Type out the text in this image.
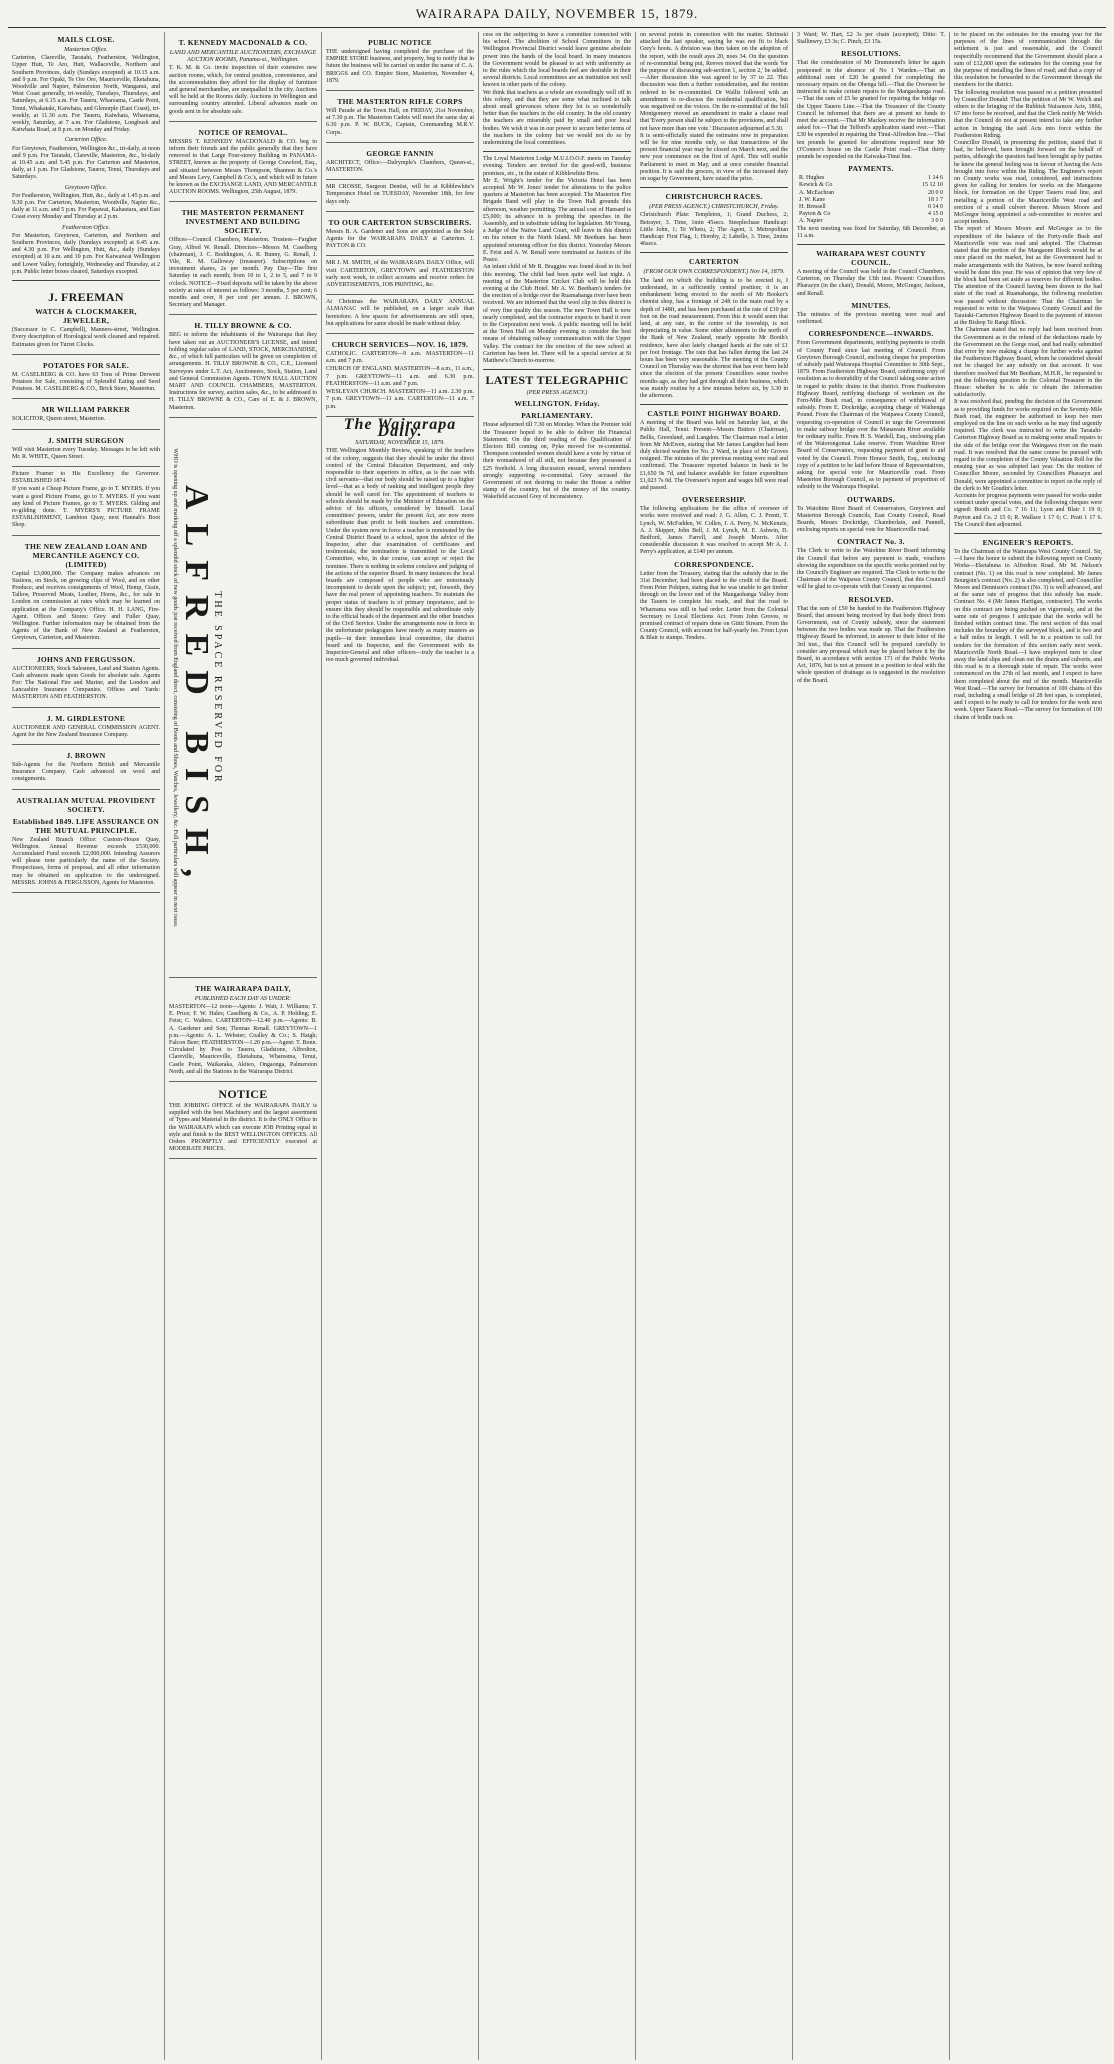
WAIRARAPA DAILY, NOVEMBER 15, 1879.
MAILS CLOSE.
Masterton Office.

Carterton, Clareville, Taratahi, Featherston, Wellington, Upper Hutt, Te Aro, Hutt, Wallaceville, Northern and Southern Provinces, daily (Sundays excepted) at 10.15 a.m. and 9 p.m. For Opaki, Te Ore Ore, Mauriceville, Eketahuna, Woodville and Napier, Palmerston North, Wanganui, and West Coast generally, tri-weekly, Tuesdays, Thursdays, and Saturdays, at 6.15 a.m. For Taueru, Whareama, Castle Point, Tenui, Whakataki, Kaiwhata, and Glenorple (East Coast), tri-weekly, at 11.30 a.m. For Taueru, Kaiwhata, Whareama, weekly, Saturday, at 7 a.m. For Gladstone, Longbush and Kaiwhata Road, at 8 p.m. on Monday and Friday.

Carterton Office.

For Greytown, Featherston, Wellington &c., tri-daily, at noon and 9 p.m. For Taratahi, Clareville, Masterton, &c., bi-daily at 10.45 a.m. and 5.45 p.m. For Carterton and Masterton, daily, at 1 p.m. For Gladstone, Taueru, Tenui, Thursdays and Saturdays.

Greytown Office.

For Featherston, Wellington, Hutt, &c., daily at 1.45 p.m. and 9.30 p.m. For Carterton, Masterton, Woodville, Napier &c., daily at 11 a.m. and 5 p.m. For Papawai, Kahautara, and East Coast every Monday and Thursday at 2 p.m.

Featherston Office.

For Masterton, Greytown, Carterton, and Northern and Southern Provinces, daily (Sundays excepted) at 6.45 a.m. and 4.30 p.m. For Wellington, Hutt, &c., daily (Sundays excepted) at 10 a.m. and 10 p.m. For Kaiwaiwai Wellington and Lower Valley, fortnightly, Wednesday and Thursday, at 2 p.m. Public letter boxes cleared, Saturdays excepted.

J. FREEMAN
WATCH & CLOCKMAKER, JEWELLER,

(Successor to C. Campbell), Manners-street, Wellington. Every description of Horological work cleaned and repaired. Estimates given for Turret Clocks.

POTATOES FOR SALE.

M. CASELBERG & CO. have 63 Tons of Prime Derwent Potatoes for Sale, consisting of Splendid Eating and Seed Potatoes. M. CASELBERG & CO., Brick Store, Masterton.

MR WILLIAM PARKER

SOLICITOR, Queen street, Masterton.

J. SMITH SURGEON

Will visit Masterton every Tuesday. Messages to be left with Mr. R. WHITE, Queen Street.

Picture Framer to His Excellency the Governor. ESTABLISHED 1874.

If you want a Cheap Picture Frame, go to T. MYERS. If you want a good Picture Frame, go to T. MYERS. If you want any kind of Picture Frames, go to T. MYERS. Gilding and re-gilding done. T. MYERS'S PICTURE FRAME ESTABLISHMENT, Lambton Quay, next Hannah's Boot Shop.

THE NEW ZEALAND LOAN AND MERCANTILE AGENCY CO. (LIMITED)

Capital £3,000,000. The Company makes advances on Stations, on Stock, on growing clips of Wool, and on other Produce; and receives consignments of Wool, Hemp, Grain, Tallow, Preserved Meats, Leather, Horns, &c., for sale in London on commission at rates which may be learned on application at the Company's Office. H. H. LANG, Fire-Agent. Offices and Stores: Grey and Fuller Quay, Wellington. Further information may be obtained from the Agents of the Bank of New Zealand at Featherston, Greytown, Carterton, and Masterton.

JOHNS AND FERGUSSON.

AUCTIONEERS, Stock Salesmen, Land and Station Agents. Cash advances made upon Goods for absolute sale. Agents For: The National Fire and Marine, and the London and Lancashire Insurance Companies. Offices and Yards: MASTERTON AND FEATHERSTON.

J. M. GIRDLESTONE

AUCTIONEER AND GENERAL COMMISSION AGENT. Agent for the New Zealand Insurance Company.

J. BROWN

Sub-Agents for the Northern British and Mercantile Insurance Company. Cash advanced on wool and consignments.

AUSTRALIAN MUTUAL PROVIDENT SOCIETY.
Established 1849. LIFE ASSURANCE ON THE MUTUAL PRINCIPLE.

New Zealand Branch Office: Custom-House Quay, Wellington. Annual Revenue exceeds £530,000. Accumulated Fund exceeds £2,000,000. Intending Assurers will please note particularly the name of the Society. Prospectuses, forms of proposal, and all other information may be obtained on application to the undersigned. MESSRS. JOHNS & FERGUSSON, Agents for Masterton.

T. KENNEDY MACDONALD & CO.
LAND AND MERCANTILE AUCTIONEERS, EXCHANGE AUCTION ROOMS, Panama-st., Wellington.

T. K. M. & Co. invite inspection of their extensive new auction rooms, which, for central position, convenience, and the accommodation they afford for the display of furniture and general merchandise, are unequalled in the city. Auctions will be held at the Rooms daily. Auctions in Wellington and surrounding country attended. Liberal advances made on goods sent in for absolute sale.

NOTICE OF REMOVAL.

MESSRS T. KENNEDY MACDONALD & CO. beg to inform their friends and the public generally that they have removed to that Large Four-storey Building in PANAMA-STREET, known as the property of George Crawford, Esq., and situated between Messrs Thompson, Shannon & Co.'s and Messrs Levy, Campbell & Co.'s, and which will in future be known as the EXCHANGE LAND, AND MERCANTILE AUCTION ROOMS. Wellington, 25th August, 1879.

THE MASTERTON PERMANENT INVESTMENT AND BUILDING SOCIETY.

Offices—Council Chambers, Masterton. Trustees—Fargher Gray, Alfred W. Renall. Directors—Messrs M. Caselberg (chairman), J. C. Boddington, A. R. Bunny, G. Renall, J. Vile, R. M. Galloway (treasurer). Subscriptions on investment shares, 2s per month. Pay Day—The first Saturday in each month; from 10 to 1, 2 to 5, and 7 to 9 o'clock. NOTICE—Fixed deposits will be taken by the above society at rates of interest as follows: 3 months, 5 per cent; 6 months and over, 8 per cent per annum. J. BROWN, Secretary and Manager.

H. TILLY BROWNE & CO.

BEG to inform the inhabitants of the Wairarapa that they have taken out an AUCTIONEER'S LICENSE, and intend holding regular sales of LAND, STOCK, MERCHANDISE, &c., of which full particulars will be given on completion of arrangements. H. TILLY BROWNE & CO., C.E., Licensed Surveyors under L.T. Act, Auctioneers, Stock, Station, Land and General Commission Agents. TOWN HALL AUCTION MART AND COUNCIL CHAMBERS, MASTERTON. Instructions for survey, auction sales, &c., to be addressed to H. TILLY BROWNE & CO., Care of E. & J. BROWN, Masterton.

THE SPACE RESERVED FOR
ALFRED BISH,

WHO is opening up and marking off a splendid stock of new goods just received from England direct, consisting of Boots and Shoes, Watches, Jewellery, &c. Full particulars will appear in next issue.

THE WAIRARAPA DAILY,
PUBLISHED EACH DAY AS UNDER:

MASTERTON—12 noon—Agents: J. Watt, J. Williams; T. E. Price; F. W. Hales; Caselberg & Co., A. P. Holding; E. Feist; C. Walters. CARTERTON—12.40 p.m.—Agents: B. A. Gardener and Son; Thomas Renall. GREYTOWN—1 p.m.—Agents: A. L. Webster; Coalley & Co.; S. Haigh; Falcon Beer; FEATHERSTON—1.20 p.m.—Agent: T. Bonn. Circulated by Post to Taueru, Gladstone, Alfredton, Clareville, Mauriceville, Eketahuna, Whareama, Tenui, Castle Point, Waikaraka, Akiteo, Ongaonga, Palmerston North, and all the Stations in the Wairarapa District.

NOTICE

THE JOBBING OFFICE of the WAIRARAPA DAILY is supplied with the best Machinery and the largest assortment of Types and Material in the district. It is the ONLY Office in the WAIRARAPA which can execute JOB Printing equal in style and finish to the BEST WELLINGTON OFFICES. All Orders PROMPTLY and EFFICIENTLY executed at MODERATE PRICES.

PUBLIC NOTICE

THE undersigned having completed the purchase of the EMPIRE STORE business, and property, beg to notify that in future the business will be carried on under the name of C. A. BRIGGS and CO. Empire Store, Masterton, November 4, 1879.

THE MASTERTON RIFLE CORPS

Will Parade at the Town Hall, on FRIDAY, 21st November, at 7.30 p.m. The Masterton Cadets will meet the same day at 6.30 p.m. P. W. BUCK, Captain, Commanding M.R.V. Corps.

GEORGE FANNIN

ARCHITECT, Office:—Dalrymple's Chambers, Queen-st., MASTERTON.

MR CROSSE, Surgeon Dentist, will be at Kibblewhite's Temperance Hotel on TUESDAY, November 18th, for few days only.

TO OUR CARTERTON SUBSCRIBERS.

Messrs B. A. Gardener and Sons are appointed as the Sole Agents for the WAIRARAPA DAILY at Carterton. J. PAYTON & CO.

MR J. M. SMITH, of the WAIRARAPA DAILY Office, will visit CARTERTON, GREYTOWN and FEATHERSTON early next week, to collect accounts and receive orders for ADVERTISEMENTS, JOB PRINTING, &c.

At Christmas the WAIRARAPA DAILY ANNUAL ALMANAC will be published, on a larger scale than heretofore. A few spaces for advertisements are still open, but applications for same should be made without delay.

CHURCH SERVICES—NOV. 16, 1879.

CATHOLIC. CARTERTON—9 a.m. MASTERTON—11 a.m. and 7 p.m.

CHURCH OF ENGLAND. MASTERTON—8 a.m., 11 a.m., 7 p.m. GREYTOWN—11 a.m. and 6.30 p.m. FEATHERSTON—11 a.m. and 7 p.m.

WESLEYAN CHURCH. MASTERTON—11 a.m. 2.30 p.m. 7 p.m. GREYTOWN—11 a.m. CARTERTON—11 a.m. 7 p.m.

The Wairarapa Daily.
SATURDAY, NOVEMBER 15, 1879.

THE Wellington Monthly Review, speaking of the teachers of the colony, suggests that they should be under the direct control of the Central Education Department, and only responsible to their superiors in office, as is the case with civil servants—that our body should be raised up to a higher level—that as a body of ranking and intelligent people they should be well cared for. The appointment of teachers to schools should be made by the Minister of Education on the advice of his officers, considered by himself. Local committees' powers, under the present Act, are now more subordinate than profit to both teachers and committees. Under the system now in force a teacher is nominated by the Central District Board to a school, upon the advice of the Inspector, after due examination of certificates and testimonials; the nomination is transmitted to the Local Committee, who, in due course, can accept or reject the nominee. There is nothing in solemn conclave and judging of the actions of the superior Board. In many instances the local boards are composed of people who are notoriously incompetent to decide upon the subject; yet, forsooth, they have the real power of appointing teachers. To maintain the proper status of teachers is of primary importance, and to ensure this they should be responsible and subordinate only to the official heads of the department and the other branches of the Civil Service. Under the arrangements now in force in the unfortunate pedagogues have nearly as many masters as pupils—in their immediate local committee, the district board and its Inspector, and the Government with its Inspector-General and other officers—truly the teacher is a too much governed individual.

cess on the subjecting to have a committee connected with his school. The abolition of School Committees in the Wellington Provincial District would leave genuine absolute power into the hands of the local board. In many instances the Government would be pleased to act with uniformity as to the rules which the local boards feel are desirable in their several districts. Local committees are an institution not well known in other parts of the colony.

We think that teachers as a whole are exceedingly well off in this colony, and that they are some what inclined to talk about small grievances where they lot is so wonderfully better than the teachers in the old country. In the old country the teachers are miserably paid by small and poor local bodies. We wish it was in our power to secure better terms of the teachers in the colony but we would not do so by undermining the local committees.

The Loyal Masterton Lodge M.U.I.O.O.F. meets on Tuesday evening. Tenders are invited for the good-will, business premises, etc., in the estate of Kibblewhite Bros.

Mr E. Wright's tender for the Victoria Hotel has been accepted. Mr W. Jones' tender for alterations to the police quarters at Masterton has been accepted. The Masterton Fire Brigade Band will play in the Town Hall grounds this afternoon, weather permitting. The annual cost of Hansard is £5,000; its advance in is probing the speeches in the Assembly, and in substitute tabling for legislation. Mr Young, a Judge of the Native Land Court, will leave in this district on his return to the North Island. Mr Beetham has been appointed returning officer for this district. Yesterday Messrs E. Feist and A. W. Renall were nominated as Justices of the Peace.

An infant child of Mr R. Braggins was found dead in its bed this morning. The child had been quite well last night. A meeting of the Masterton Cricket Club will be held this evening at the Club Hotel. Mr A. W. Beetham's tenders for the erection of a bridge over the Ruamahanga river have been received. We are informed that the wool clip in this district is of very fine quality this season. The new Town Hall is now nearly completed, and the contractor expects to hand it over to the Corporation next week. A public meeting will be held at the Town Hall on Monday evening to consider the best means of obtaining railway communication with the Upper Valley. The contract for the erection of the new school at Carterton has been let. There will be a special service at St Matthew's Church to-morrow.

LATEST TELEGRAPHIC
(PER PRESS AGENCY.)
WELLINGTON. Friday.
PARLIAMENTARY.

House adjourned till 7.30 on Monday. When the Premier told the Treasurer hoped to be able to deliver the Financial Statement. On the third reading of the Qualification of Electors Bill coming on, Pyke moved for re-committal. Thompson contended women should have a vote by virtue of their womanhood of all still, not because they possessed a £25 freehold. A long discussion ensued, several members strongly supporting re-committal. Grey accused the Government of not desiring to make the House a rubber stamp of the country, but of the money of the country. Wakefield accused Grey of inconsistency.

on several points in connection with the matter. Shrimski attacked the last speaker, saying he was not fit to black Grey's boots. A division was then taken on the adoption of the report, with the result ayes 20, noes 34. On the question of re-committal being put, Reeves moved that the words 'for the purpose of discussing sub-section 1, section 2,' be added.—After discussion this was agreed to by 37 to 22. This discussion was then a further consideration, and the motion ordered to be re-committed. Dr Wallis followed with an amendment to re-discuss the residential qualification, but was negatived on the voices. On the re-committal of the bill Montgomery moved an amendment to make a clause read that 'Every person shall be subject to the provisions, and shall not have more than one vote.' Discussion adjourned at 5.30.

It is semi-officially stated the estimates now in preparation will be for nine months only, so that transactions of the present financial year may be closed on March next, and the new year commence on the first of April. This will enable Parliament to meet in May, and at once consider financial position. It is said the grocers, in view of the increased duty on sugar by Government, have raised the price.

CHRISTCHURCH RACES.
(PER PRESS AGENCY.) CHRISTCHURCH, Friday.

Christchurch Plate: Templeton, 1; Grand Duchess, 2; Betrayer, 3. Time, 1min 45secs. Steeplechase Handicap: Little John, 1; Te Whetu, 2; The Agent, 3. Metropolitan Handicap: First Flag, 1; Hornby, 2; Labello, 3. Time, 2mins 46secs.

CARTERTON
(FROM OUR OWN CORRESPONDENT.) Nov 14, 1879.

The land on which the building is to be erected is, I understand, in a sufficiently central position; it is an embankment being erected to the north of Mr Booker's chemist shop, has a frontage of 24ft to the main road by a depth of 148ft, and has been purchased at the rate of £10 per foot on the road measurement. From this it would seem that land, at any rate, in the centre of the township, is not depreciating in value. Some other allotments to the north of the Bank of New Zealand, nearly opposite Mr Booth's residence, have also lately changed hands at the rate of £1 per foot frontage. The rain that has fallen during the last 24 hours has been very seasonable. The meeting of the County Council on Thursday was the shortest that has ever been held since the election of the present Councillors some twelve months ago, as they had got through all their business, which was mainly routine by a few minutes before six, by 3.30 in the afternoon.

CASTLE POINT HIGHWAY BOARD.

A meeting of the Board was held on Saturday last, at the Public Hall, Tenui. Present—Messrs Butters (Chairman), Bellis, Greenland, and Langdon. The Chairman read a letter from Mr McEwen, stating that Mr James Langdon had been duly elected warden for No. 2 Ward, in place of Mr Groves resigned. The minutes of the previous meeting were read and confirmed. The Treasurer reported balance in bank to be £1,650 9s 7d, and balance available for future expenditure £1,023 7s 0d. The Overseer's report and wages bill were read and passed.

OVERSEERSHIP.

The following applications for the office of overseer of works were received and read: J. G. Allen, C. J. Prentt, T. Lynch, W. McFadden, W. Collen, J. A. Perry, N. McKenzie, A. J. Skipper, John Bell, J. M. Lynch, M. E. Ashwin, D. Bedford, James Farrell, and Joseph Morris. After considerable discussion it was resolved to accept Mr A. J. Perry's application, at £140 per annum.

CORRESPONDENCE.

Letter from the Treasury, stating that the subsidy due to the 31st December, had been placed to the credit of the Board. From Peter Pohipen, stating that he was unable to get timber through on the lower end of the Mangaohanga Valley from the Taueru to complete his roads, and that the road to Whareama was still in bad order. Letter from the Colonial Secretary re Local Elections Act. From John Groves, re promised contract of repairs done on Gtitti Stream. From the County Council, with account for half-yearly fee. From Lyon & Blair to stamps. Tenders.

3 Ward; W. Hart, £2 3s per chain (accepted); Ditto: T. Stallinwry, £3 3s; C. Pinch, £3 15s.

RESOLUTIONS.

That the consideration of Mr Drummond's letter be again postponed in the absence of No 1 Warden.—That an additional sum of £20 be granted for completing the necessary repairs on the Ohenga hill.—That the Overseer be instructed to make certain repairs to the Mangaohanga road.—That the sum of £5 be granted for repairing the bridge on the Upper Taueru Line.—That the Treasurer of the County Council be informed that there are at present no funds to meet the account.—That Mr Mackey receive the information asked for.—That the Tefford's application stand over.—That £30 be expended in repairing the Tinui-Alfredton line.—That ten pounds be granted for alterations required near Mr O'Connor's house on the Castle Point road.—That thirty pounds be expended on the Kaiwaka-Tinui line.

PAYMENTS.
R. Hughes	1 14 6
Kewick & Co	15 12 10
A. McEachran	20 0 0
J. W. Kane	18 1 7
H. Bressell	0 14 0
Payton & Co	4 15 0
A. Napier	3 0 0

The next meeting was fixed for Saturday, 6th December, at 11 a.m.

WAIRARAPA WEST COUNTY COUNCIL.

A meeting of the Council was held in the Council Chambers, Carterton, on Thursday the 13th inst. Present: Councillors Pharazyn (in the chair), Donald, Moore, McGregor, Jackson, and Renall.

MINUTES.

The minutes of the previous meeting were read and confirmed.

CORRESPONDENCE—INWARDS.

From Government departments, notifying payments to credit of County Fund since last meeting of Council. From Greytown Borough Council, enclosing cheque for proportion of subsidy paid Wairarapa Hospital Committee to 30th Sept., 1879. From Featherston Highway Board, confirming copy of resolution as to desirability of the Council taking some action in regard to public drains in that district. From Featherston Highway Board, notifying discharge of workmen on the Fern-Mile Bush road, in consequence of withdrawal of subsidy. From E. Dockridge, accepting charge of Waihenga Pound. From the Chairman of the Waipawa County Council, requesting co-operation of Council to urge the Government to make railway bridge over the Manawatu River available for ordinary traffic. From H. S. Wardell, Esq., enclosing plan of the Waiorongomai Lake reserve. From Waiohine River Board of Conservators, requesting payment of grant to aid voted by the Council. From Horace Smith, Esq., enclosing copy of a petition to be laid before House of Representatives, asking for special vote for Mauriceville road. From Masterton Borough Council, as to payment of proportion of subsidy to the Wairarapa Hospital.

OUTWARDS.

To Waiohine River Board of Conservators, Greytown and Masterton Borough Councils, East County Council, Road Boards, Messrs Dockridge, Chamberlain, and Pannell, enclosing reports on special vote for Mauriceville road.

CONTRACT No. 3.

The Clerk to write to the Waiohine River Board informing the Council that before any payment is made, vouchers showing the expenditure on the specific works pointed out by the Council's Engineer are required. The Clerk to write to the Chairman of the Waipawa County Council, that this Council will be glad to co-operate with that County as requested.

RESOLVED.

That the sum of £50 be handed to the Featherston Highway Board, that amount being received by that body direct from Government, out of County subsidy, since the statement between the two bodies was made up. That the Featherston Highway Board be informed, in answer to their letter of the 3rd inst., that this Council will be prepared carefully to consider any proposal which may be placed before it by the Board, in accordance with section 171 of the Public Works Act, 1876, but is not at present in a position to deal with the whole question of drainage as is suggested in the resolution of the Board.

to be placed on the estimates for the ensuing year for the purposes of the lines of communication through the settlement is just and reasonable, and the Council respectfully recommend that the Government should place a sum of £12,000 upon the estimates for the coming year for the purpose of metalling the lines of road; and that a copy of this resolution be forwarded to the Government through the members for the district.

The following resolution was passed on a petition presented by Councillor Donald: That the petition of Mr W. Welch and others to the bringing of the Rubbish Nuisances Acts, 1866, 67 into force be received, and that the Clerk notify Mr Welch that the Council do not at present intend to take any further action in bringing the said Acts into force within the Featherston Riding.

Councillor Donald, in presenting the petition, stated that it had, he believed, been brought forward on the behalf of parties, although the question had been brought up by parties he knew the general feeling was in favour of having the Acts brought into force within the Riding. The Engineer's report on County works was read, considered, and instructions given for calling for tenders for works on the Mangaone block, for formation on the Upper Taueru road line, and metalling a portion of the Mauriceville West road and erection of a small culvert thereon. Messrs Moore and McGregor being appointed a sub-committee to receive and accept tenders.

The report of Messrs Moore and McGregor as to the expenditure of the balance of the Forty-mile Bush and Mauriceville vote was read and adopted. The Chairman stated that the portion of the Mangaone Block would be at once placed on the market, but as the Government had to make arrangements with the Natives, he now feared nothing would be done this year. He was of opinion that very few of the block had been set aside as reserves for different bodies. The attention of the Council having been drawn to the bad state of the road at Ruamahanga, the following resolution was passed without discussion: That the Chairman be requested to write to the Waipawa County Council and the Tarataki-Carterton Highway Board to the payment of interest at the Bishop Te Rangi Block.

The Chairman stated that no reply had been received from the Government as to the refund of the deductions made by the Government on the Gorge road, and had really submitted that error by now making a charge for further works against the Featherston Highway Board, whom he considered should not be charged for any subsidy on that account. It was therefore resolved that Mr Beetham, M.H.R., be requested to put the following question to the Colonial Treasurer in the House: whether he is able to obtain the information satisfactorily.

It was resolved that, pending the decision of the Government as to providing funds for works required on the Seventy-Mile Bush road, the engineer be authorised to keep two men employed on the line on such works as he may find urgently required. The clerk was instructed to write the Taratahi-Carterton Highway Board as to making some small repairs to the side of the bridge over the Waingawa river on the main road. It was resolved that the same course be pursued with regard to the completion of the County Valuation Roll for the ensuing year as was adopted last year. On the motion of Councillor Moore, seconded by Councillors Pharazyn and Donald, were appointed a committee to report on the reply of the clerk to Mr Goudin's letter.

Accounts for progress payments were passed for works under contract under special votes, and the following cheques were signed: Booth and Co. 7 16 11; Lyon and Blair 1 19 0; Payton and Co. 2 15 0; R. Wallace 1 17 6; C. Pratt 1 17 6. The Council then adjourned.

ENGINEER'S REPORTS.

To the Chairman of the Wairarapa West County Council. Sir,—I have the honor to submit the following report on County Works—Eketahuna to Alfredton Road. Mr M. Nelson's contract (No. 1) on this road is now completed. Mr James Bourgoin's contract (No. 2) is also completed, and Councillor Moore and Dennison's contract (No. 3) is well advanced, and at the same rate of progress that this subsidy has made. Contract No. 4 (Mr James Hartigan, contractor). The works on this contract are being pushed on vigorously, and at the same rate of progress I anticipate that the works will be finished within contract time. The next section of this road includes the boundary of the surveyed block, and is two and a half miles in length. I will be in a position to call for tenders for the formation of this section early next week. Mauriceville North Road.—I have employed men to clear away the land slips and clean out the drains and culverts, and this road is in a thorough state of repair. The works were commenced on the 27th of last month, and I expect to have them completed about the end of the month. Mauriceville West Road.—The survey for formation of 100 chains of this road, including a small bridge of 28 feet span, is completed, and I expect to be ready to call for tenders for the work next week. Upper Taueru Road.—The survey for formation of 100 chains of bridle track on.
